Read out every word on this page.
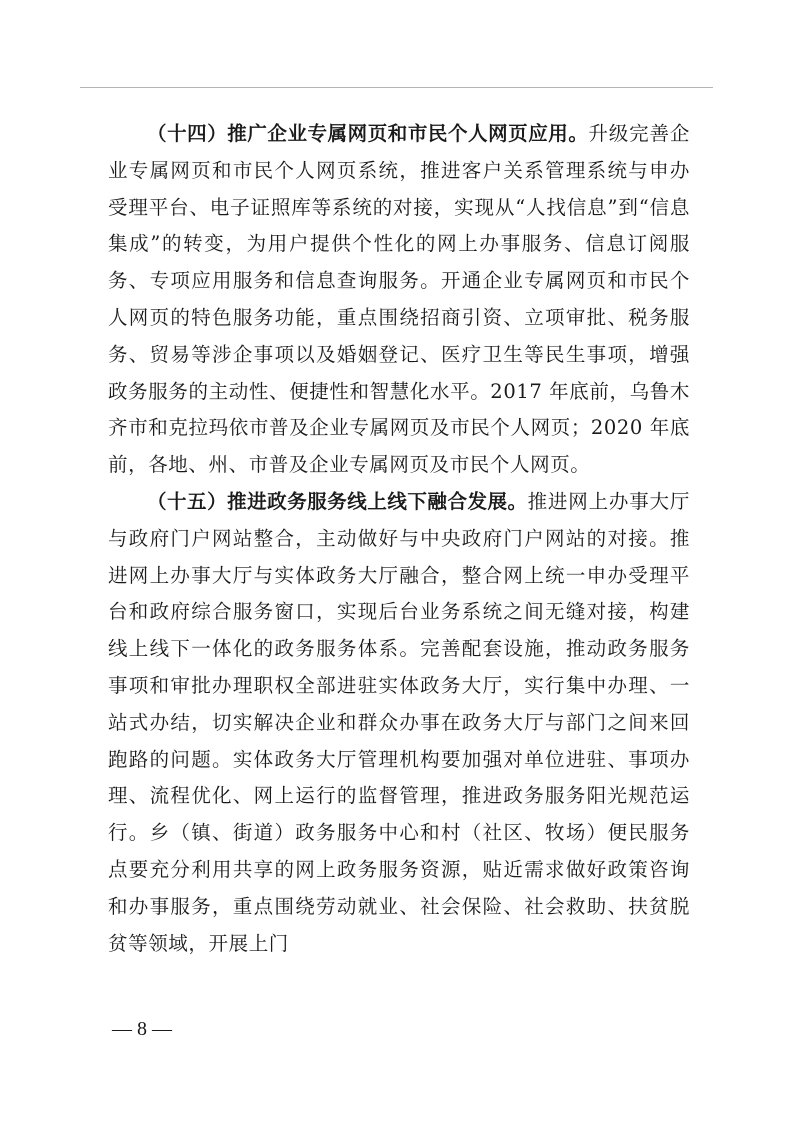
（十四）推广企业专属网页和市民个人网页应用。升级完善企业专属网页和市民个人网页系统，推进客户关系管理系统与申办受理平台、电子证照库等系统的对接，实现从“人找信息”到“信息集成”的转变，为用户提供个性化的网上办事服务、信息订阅服务、专项应用服务和信息查询服务。开通企业专属网页和市民个人网页的特色服务功能，重点围绕招商引资、立项审批、税务服务、贸易等涉企事项以及婚姻登记、医疗卫生等民生事项，增强政务服务的主动性、便捷性和智慧化水平。2017 年底前，乌鲁木齐市和克拉玛依市普及企业专属网页及市民个人网页；2020 年底前，各地、州、市普及企业专属网页及市民个人网页。

（十五）推进政务服务线上线下融合发展。推进网上办事大厅与政府门户网站整合，主动做好与中央政府门户网站的对接。推进网上办事大厅与实体政务大厅融合，整合网上统一申办受理平台和政府综合服务窗口，实现后台业务系统之间无缝对接，构建线上线下一体化的政务服务体系。完善配套设施，推动政务服务事项和审批办理职权全部进驻实体政务大厅，实行集中办理、一站式办结，切实解决企业和群众办事在政务大厅与部门之间来回跑路的问题。实体政务大厅管理机构要加强对单位进驻、事项办理、流程优化、网上运行的监督管理，推进政务服务阳光规范运行。乡（镇、街道）政务服务中心和村（社区、牧场）便民服务点要充分利用共享的网上政务服务资源，贴近需求做好政策咨询和办事服务，重点围绕劳动就业、社会保险、社会救助、扶贫脱贫等领域，开展上门

— 8 —
